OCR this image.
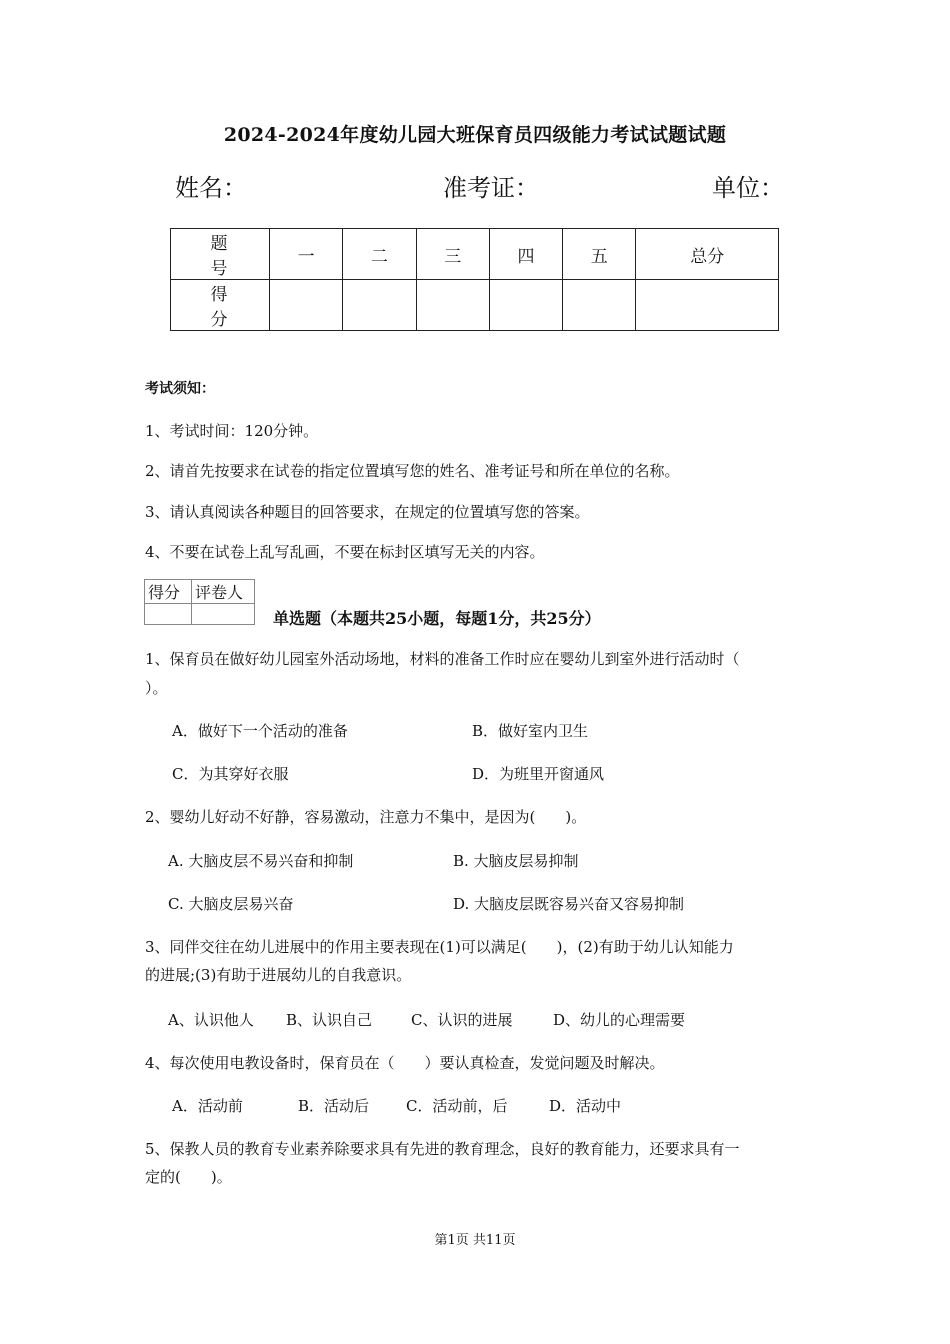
2024-2024年度幼儿园大班保育员四级能力考试试题试题
姓名：	准考证：	单位：
题　号	一	二	三	四	五	总分
得　分						
考试须知：
1、考试时间：120分钟。
2、请首先按要求在试卷的指定位置填写您的姓名、准考证号和所在单位的名称。
3、请认真阅读各种题目的回答要求，在规定的位置填写您的答案。
4、不要在试卷上乱写乱画，不要在标封区填写无关的内容。
得分	评卷人

单选题（本题共25小题，每题1分，共25分）
1、保育员在做好幼儿园室外活动场地，材料的准备工作时应在婴幼儿到室外进行活动时（
）。
A．做好下一个活动的准备	B．做好室内卫生
C．为其穿好衣服	D．为班里开窗通风
2、婴幼儿好动不好静，容易激动，注意力不集中，是因为(　　)。
A. 大脑皮层不易兴奋和抑制	B. 大脑皮层易抑制
C. 大脑皮层易兴奋	D. 大脑皮层既容易兴奋又容易抑制
3、同伴交往在幼儿进展中的作用主要表现在(1)可以满足(　　)，(2)有助于幼儿认知能力
的进展;(3)有助于进展幼儿的自我意识。
A、认识他人 B、认识自己	C、认识的进展	D、幼儿的心理需要
4、每次使用电教设备时，保育员在（　　）要认真检查，发觉问题及时解决。
A．活动前	B．活动后 C．活动前，后	D．活动中
5、保教人员的教育专业素养除要求具有先进的教育理念，良好的教育能力，还要求具有一
定的(　　)。
第1页 共11页
